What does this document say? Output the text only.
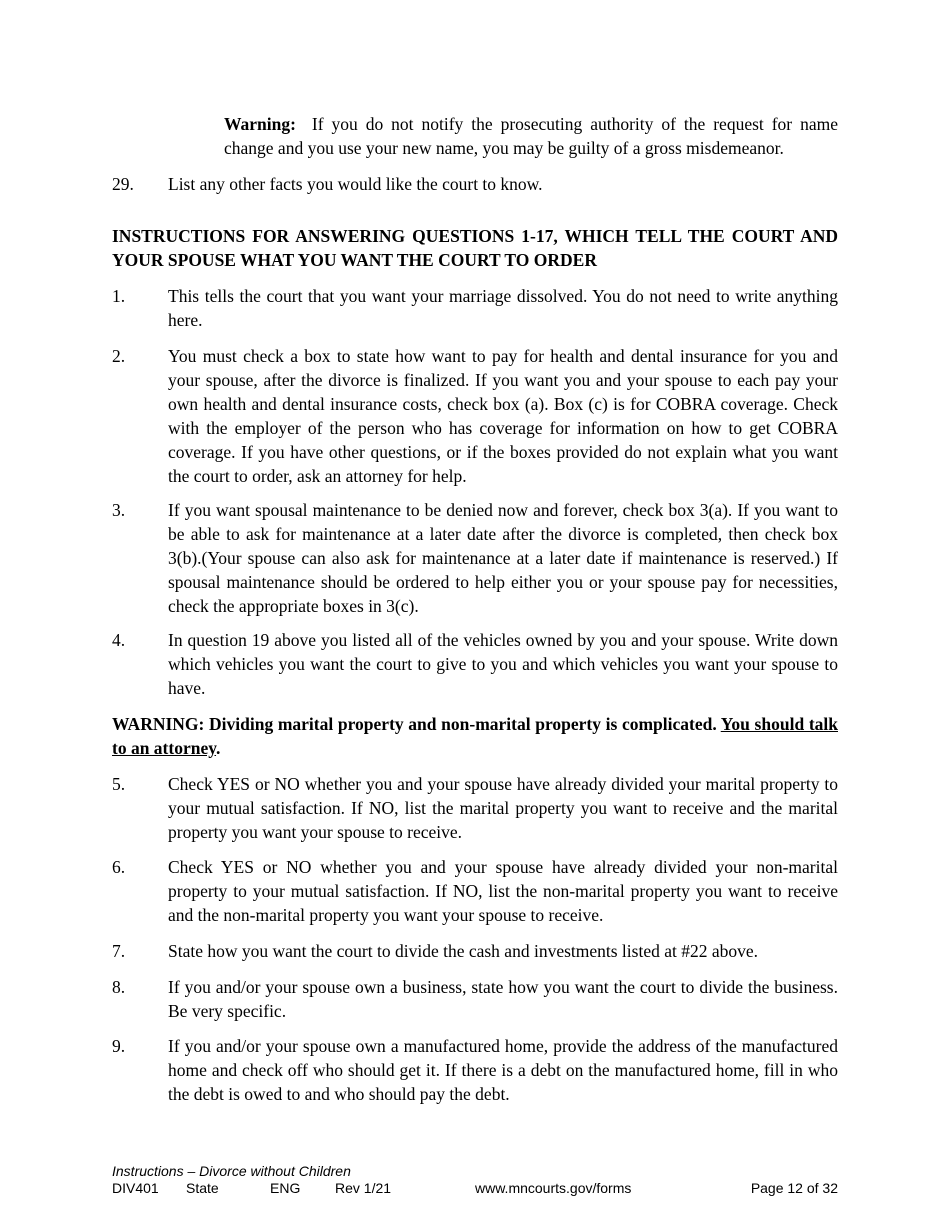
Warning: If you do not notify the prosecuting authority of the request for name change and you use your new name, you may be guilty of a gross misdemeanor.
29. List any other facts you would like the court to know.
INSTRUCTIONS FOR ANSWERING QUESTIONS 1-17, WHICH TELL THE COURT AND YOUR SPOUSE WHAT YOU WANT THE COURT TO ORDER
1. This tells the court that you want your marriage dissolved. You do not need to write anything here.
2. You must check a box to state how want to pay for health and dental insurance for you and your spouse, after the divorce is finalized. If you want you and your spouse to each pay your own health and dental insurance costs, check box (a). Box (c) is for COBRA coverage. Check with the employer of the person who has coverage for information on how to get COBRA coverage. If you have other questions, or if the boxes provided do not explain what you want the court to order, ask an attorney for help.
3. If you want spousal maintenance to be denied now and forever, check box 3(a). If you want to be able to ask for maintenance at a later date after the divorce is completed, then check box 3(b).(Your spouse can also ask for maintenance at a later date if maintenance is reserved.) If spousal maintenance should be ordered to help either you or your spouse pay for necessities, check the appropriate boxes in 3(c).
4. In question 19 above you listed all of the vehicles owned by you and your spouse. Write down which vehicles you want the court to give to you and which vehicles you want your spouse to have.
WARNING: Dividing marital property and non-marital property is complicated. You should talk to an attorney.
5. Check YES or NO whether you and your spouse have already divided your marital property to your mutual satisfaction. If NO, list the marital property you want to receive and the marital property you want your spouse to receive.
6. Check YES or NO whether you and your spouse have already divided your non-marital property to your mutual satisfaction. If NO, list the non-marital property you want to receive and the non-marital property you want your spouse to receive.
7. State how you want the court to divide the cash and investments listed at #22 above.
8. If you and/or your spouse own a business, state how you want the court to divide the business. Be very specific.
9. If you and/or your spouse own a manufactured home, provide the address of the manufactured home and check off who should get it. If there is a debt on the manufactured home, fill in who the debt is owed to and who should pay the debt.
Instructions – Divorce without Children
DIV401 State	ENG Rev 1/21	www.mncourts.gov/forms	Page 12 of 32
